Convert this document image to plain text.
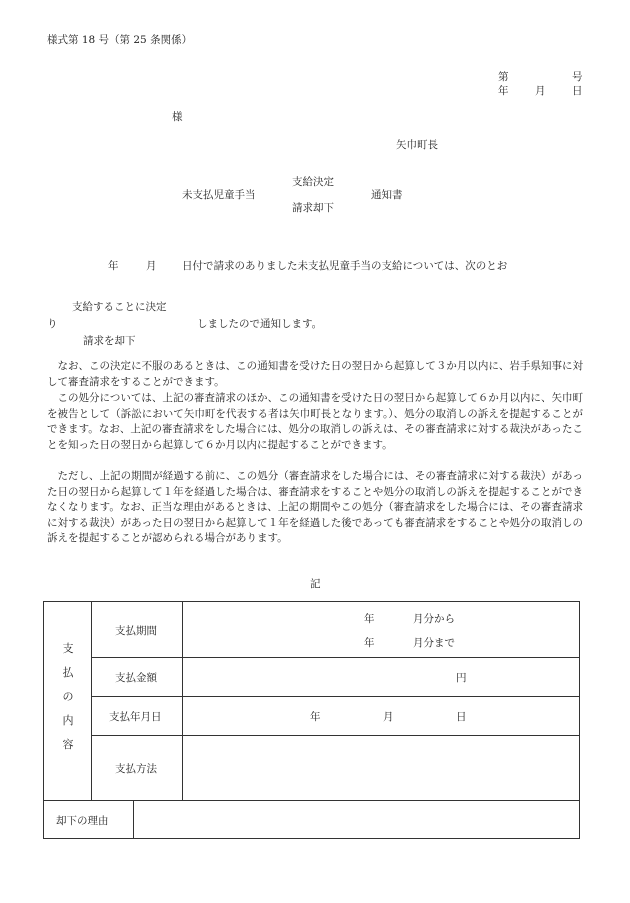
様式第 18 号（第 25 条関係）
第	号
年	月	日
様
矢巾町長
支給決定
未支払児童手当	通知書
請求却下
年	月 日付で請求のありました未支払児童手当の支給については、次のとお
支給することに決定
り	しましたので通知します。
請求を却下
なお、この決定に不服のあるときは、この通知書を受けた日の翌日から起算して３か月以内に、岩手県知事に対して審査請求をすることができます。
この処分については、上記の審査請求のほか、この通知書を受けた日の翌日から起算して６か月以内に、矢巾町を被告として（訴訟において矢巾町を代表する者は矢巾町長となります。）、処分の取消しの訴えを提起することができます。なお、上記の審査請求をした場合には、処分の取消しの訴えは、その審査請求に対する裁決があったことを知った日の翌日から起算して６か月以内に提起することができます。
ただし、上記の期間が経過する前に、この処分（審査請求をした場合には、その審査請求に対する裁決）があった日の翌日から起算して１年を経過した場合は、審査請求をすることや処分の取消しの訴えを提起することができなくなります。なお、正当な理由があるときは、上記の期間やこの処分（審査請求をした場合には、その審査請求に対する裁決）があった日の翌日から起算して１年を経過した後であっても審査請求をすることや処分の取消しの訴えを提起することが認められる場合があります。
記
支
払
の
内
容
支払期間
年	月分から
年	月分まで
支払金額	円
支払年月日	年	月	日
支払方法
却下の理由
